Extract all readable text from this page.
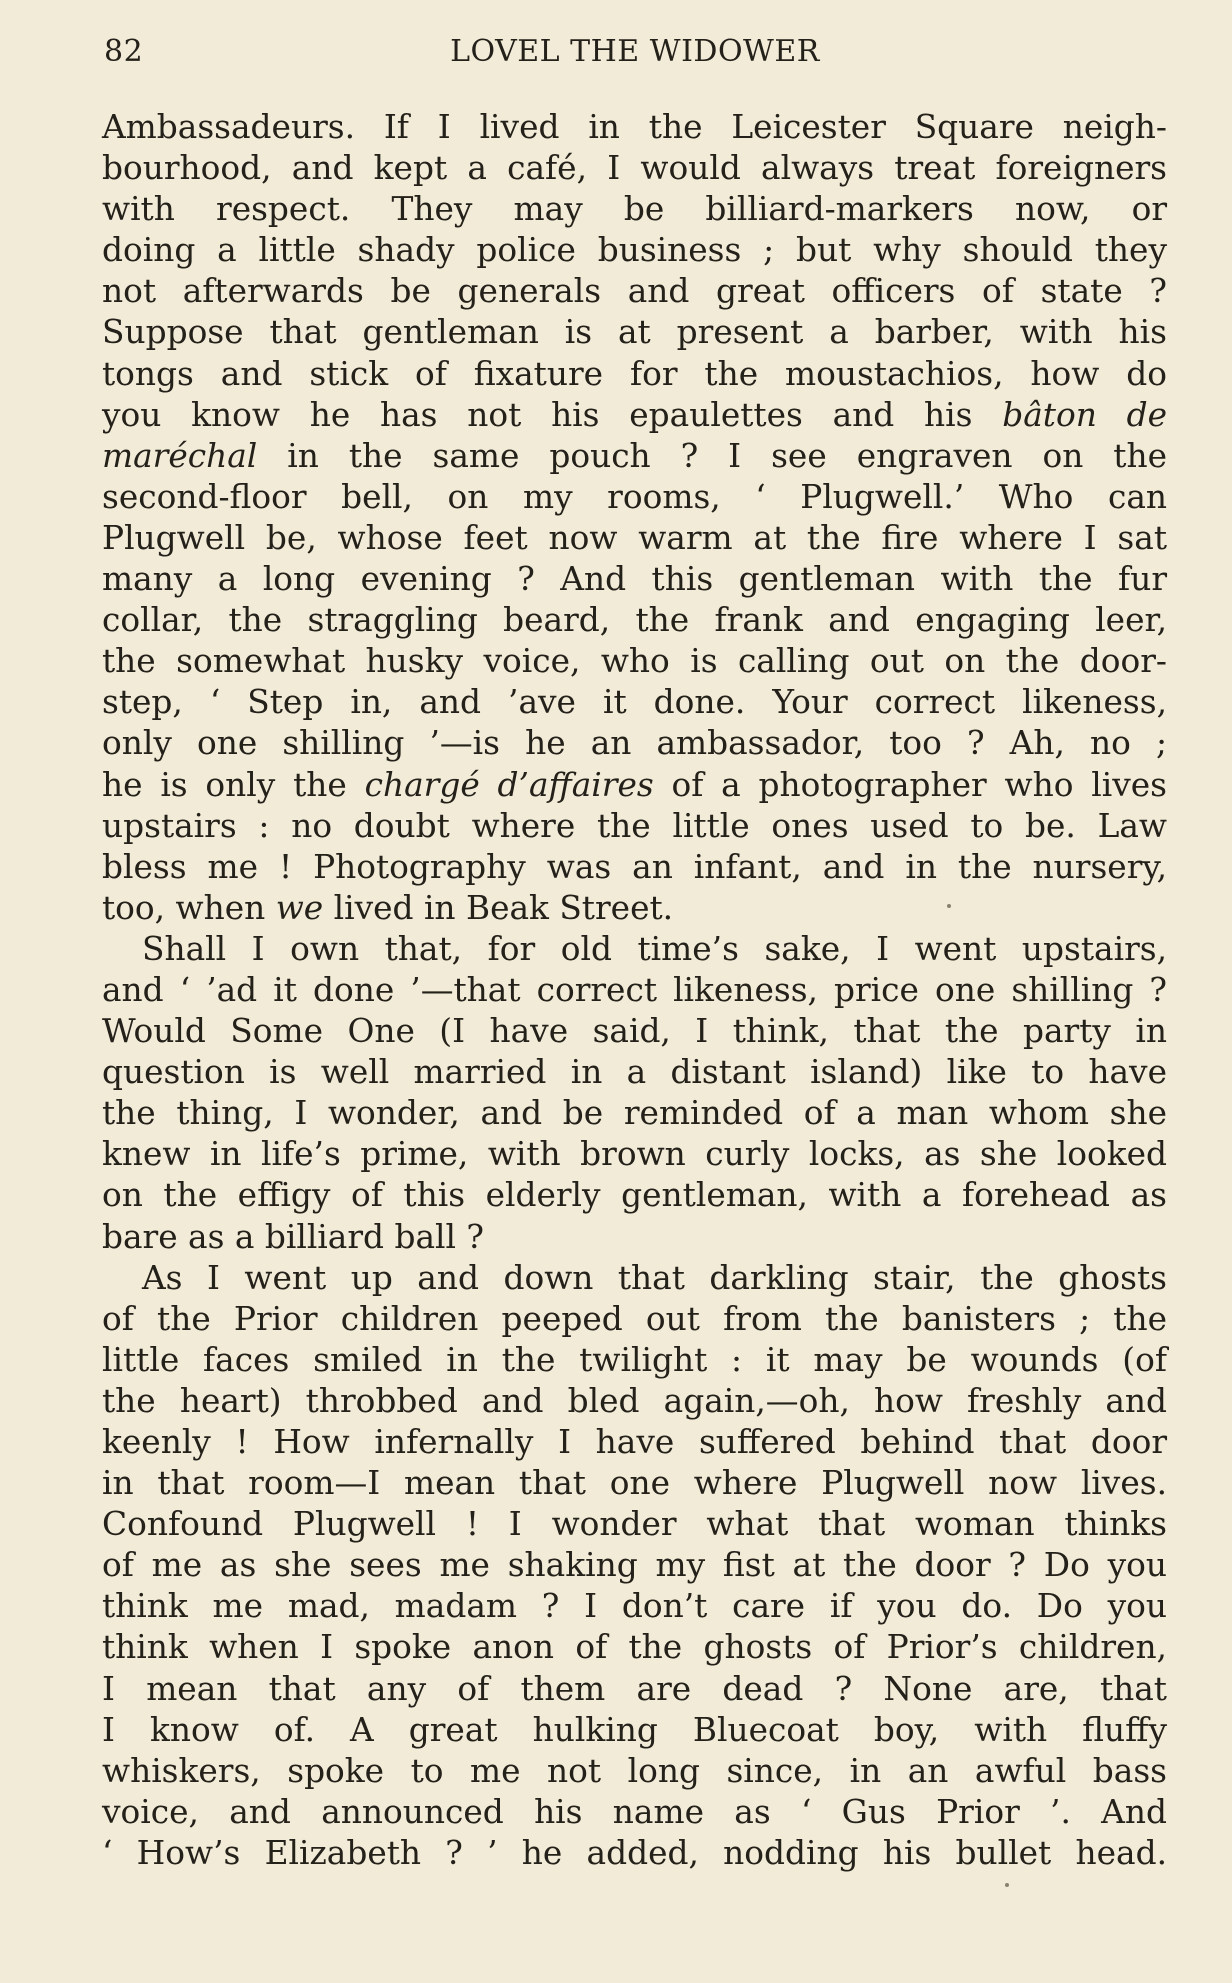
82	LOVEL THE WIDOWER
Ambassadeurs. If I lived in the Leicester Square neigh-
bourhood, and kept a café, I would always treat foreigners
with respect. They may be billiard-markers now, or
doing a little shady police business ; but why should they
not afterwards be generals and great officers of state ?
Suppose that gentleman is at present a barber, with his
tongs and stick of fixature for the moustachios, how do
you know he has not his epaulettes and his bâton de
maréchal in the same pouch ? I see engraven on the
second-floor bell, on my rooms, ‘ Plugwell.’ Who can
Plugwell be, whose feet now warm at the fire where I sat
many a long evening ? And this gentleman with the fur
collar, the straggling beard, the frank and engaging leer,
the somewhat husky voice, who is calling out on the door-
step, ‘ Step in, and ’ave it done. Your correct likeness,
only one shilling ’—is he an ambassador, too ? Ah, no ;
he is only the chargé d’affaires of a photographer who lives
upstairs : no doubt where the little ones used to be. Law
bless me ! Photography was an infant, and in the nursery,
too, when we lived in Beak Street.
Shall I own that, for old time’s sake, I went upstairs,
and ‘ ’ad it done ’—that correct likeness, price one shilling ?
Would Some One (I have said, I think, that the party in
question is well married in a distant island) like to have
the thing, I wonder, and be reminded of a man whom she
knew in life’s prime, with brown curly locks, as she looked
on the effigy of this elderly gentleman, with a forehead as
bare as a billiard ball ?
As I went up and down that darkling stair, the ghosts
of the Prior children peeped out from the banisters ; the
little faces smiled in the twilight : it may be wounds (of
the heart) throbbed and bled again,—oh, how freshly and
keenly ! How infernally I have suffered behind that door
in that room—I mean that one where Plugwell now lives.
Confound Plugwell ! I wonder what that woman thinks
of me as she sees me shaking my fist at the door ? Do you
think me mad, madam ? I don’t care if you do. Do you
think when I spoke anon of the ghosts of Prior’s children,
I mean that any of them are dead ? None are, that
I know of. A great hulking Bluecoat boy, with fluffy
whiskers, spoke to me not long since, in an awful bass
voice, and announced his name as ‘ Gus Prior ’. And
‘ How’s Elizabeth ? ’ he added, nodding his bullet head.
